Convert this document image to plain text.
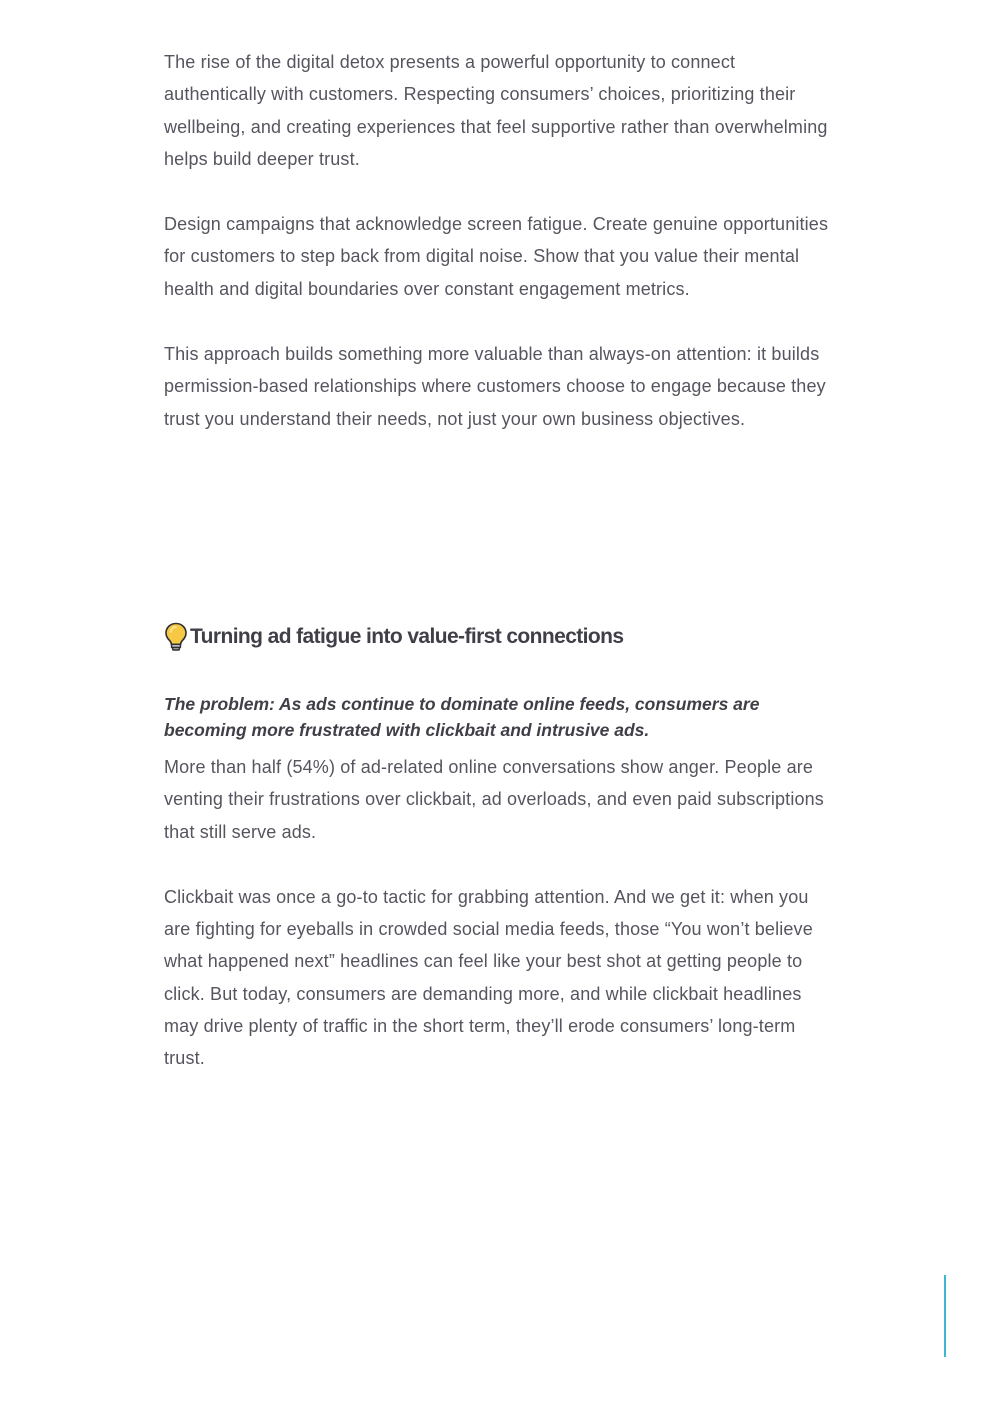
The rise of the digital detox presents a powerful opportunity to connect authentically with customers. Respecting consumers’ choices, prioritizing their wellbeing, and creating experiences that feel supportive rather than overwhelming helps build deeper trust.

Design campaigns that acknowledge screen fatigue. Create genuine opportunities for customers to step back from digital noise. Show that you value their mental health and digital boundaries over constant engagement metrics.

This approach builds something more valuable than always-on attention: it builds permission-based relationships where customers choose to engage because they trust you understand their needs, not just your own business objectives.

Turning ad fatigue into value-first connections

The problem: As ads continue to dominate online feeds, consumers are becoming more frustrated with clickbait and intrusive ads.

More than half (54%) of ad-related online conversations show anger. People are venting their frustrations over clickbait, ad overloads, and even paid subscriptions that still serve ads.

Clickbait was once a go-to tactic for grabbing attention. And we get it: when you are fighting for eyeballs in crowded social media feeds, those “You won’t believe what happened next” headlines can feel like your best shot at getting people to click. But today, consumers are demanding more, and while clickbait headlines may drive plenty of traffic in the short term, they’ll erode consumers’ long-term trust.
